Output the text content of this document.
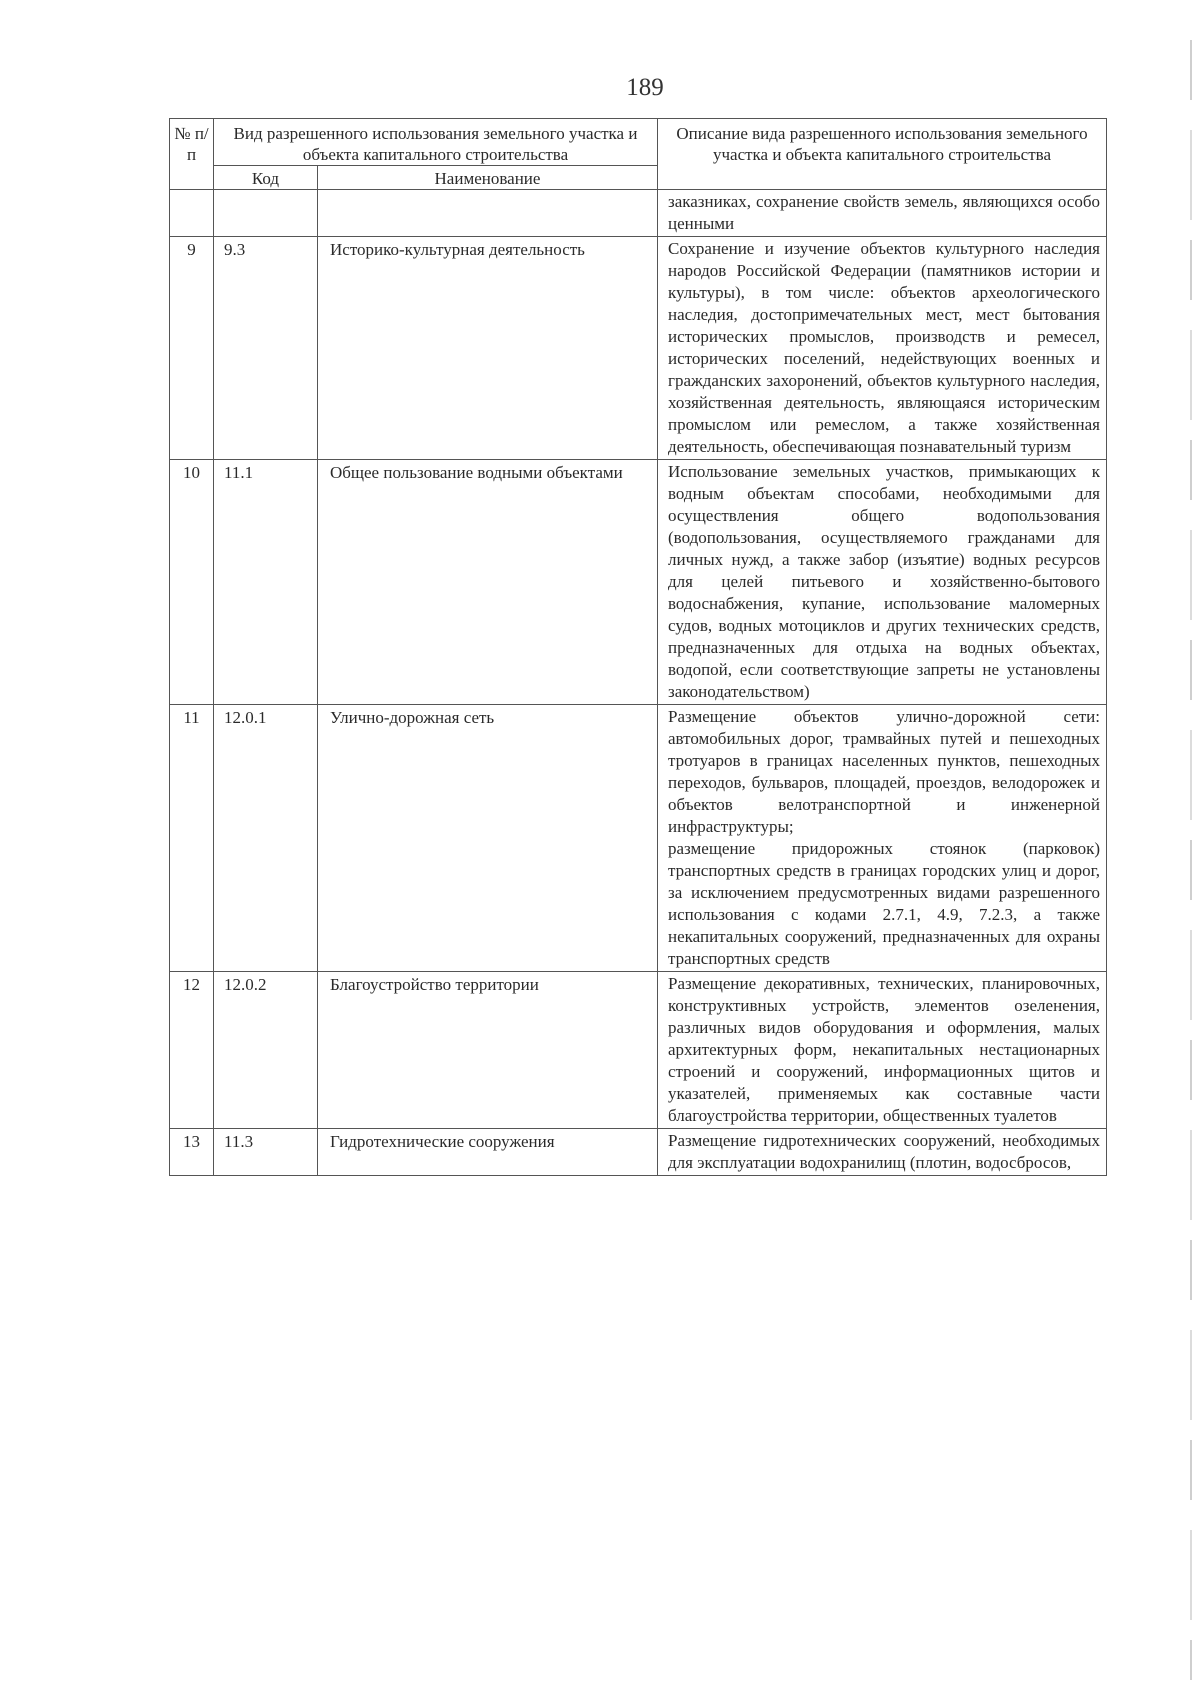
189
№ п/п	Вид разрешенного использования земельного участка и объекта капитального строительства		Описание вида разрешенного использования земельного участка и объекта капитального строительства
	Код	Наименование	
			заказниках, сохранение свойств земель, являющихся особо ценными
9	9.3	Историко-культурная деятельность	Сохранение и изучение объектов культурного наследия народов Российской Федерации (памятников истории и культуры), в том числе: объектов археологического наследия, достопримечательных мест, мест бытования исторических промыслов, производств и ремесел, исторических поселений, недействующих военных и гражданских захоронений, объектов культурного наследия, хозяйственная деятельность, являющаяся историческим промыслом или ремеслом, а также хозяйственная деятельность, обеспечивающая познавательный туризм
10	11.1	Общее пользование водными объектами	Использование земельных участков, примыкающих к водным объектам способами, необходимыми для осуществления общего водопользования (водопользования, осуществляемого гражданами для личных нужд, а также забор (изъятие) водных ресурсов для целей питьевого и хозяйственно-бытового водоснабжения, купание, использование маломерных судов, водных мотоциклов и других технических средств, предназначенных для отдыха на водных объектах, водопой, если соответствующие запреты не установлены законодательством)
11	12.0.1	Улично-дорожная сеть	Размещение объектов улично-дорожной сети: автомобильных дорог, трамвайных путей и пешеходных тротуаров в границах населенных пунктов, пешеходных переходов, бульваров, площадей, проездов, велодорожек и объектов велотранспортной и инженерной инфраструктуры;
размещение придорожных стоянок (парковок) транспортных средств в границах городских улиц и дорог, за исключением предусмотренных видами разрешенного использования с кодами 2.7.1, 4.9, 7.2.3, а также некапитальных сооружений, предназначенных для охраны транспортных средств

12	12.0.2	Благоустройство территории	Размещение декоративных, технических, планировочных, конструктивных устройств, элементов озеленения, различных видов оборудования и оформления, малых архитектурных форм, некапитальных нестационарных строений и сооружений, информационных щитов и указателей, применяемых как составные части благоустройства территории, общественных туалетов
13	11.3	Гидротехнические сооружения	Размещение гидротехнических сооружений, необходимых для эксплуатации водохранилищ (плотин, водосбросов,
